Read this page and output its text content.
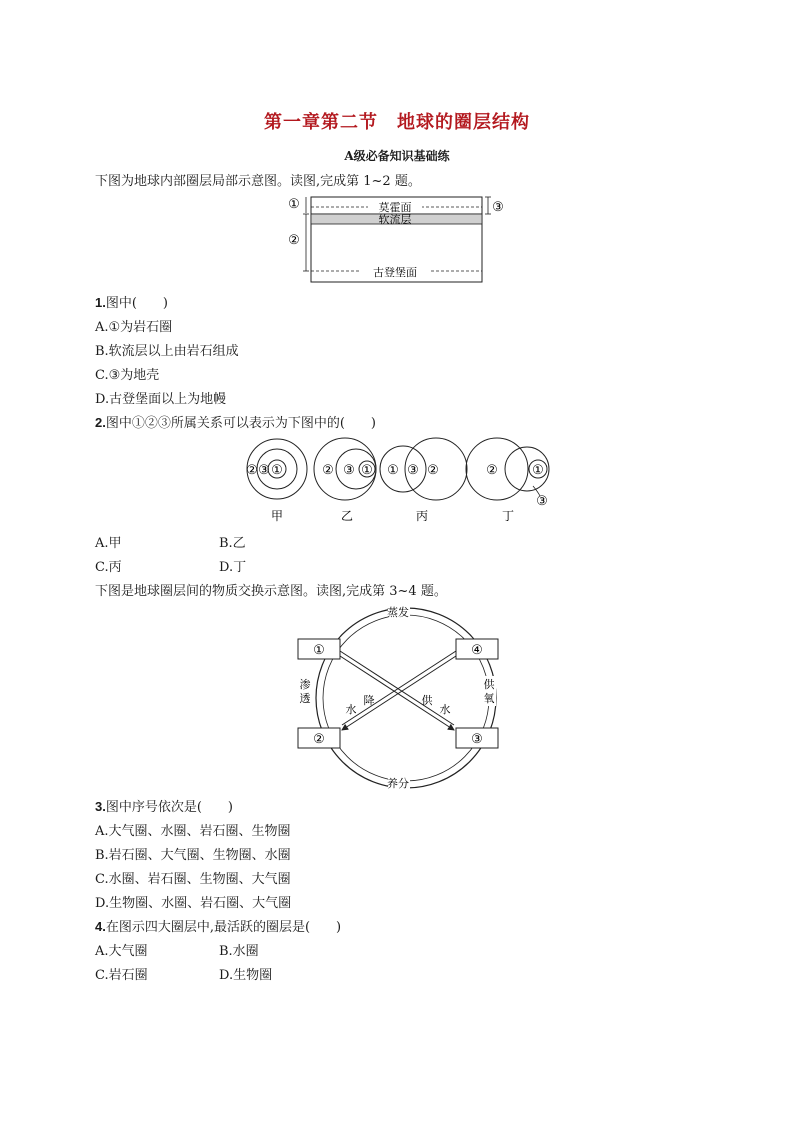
第一章第二节　地球的圈层结构
A级必备知识基础练
下图为地球内部圈层局部示意图。读图,完成第 1~2 题。
莫霍面
软流层
古登堡面
①
②
③
1.图中(　　)
A.①为岩石圈
B.软流层以上由岩石组成
C.③为地壳
D.古登堡面以上为地幔
2.图中①②③所属关系可以表示为下图中的(　　)
② ③ ①
甲
② ③ ①
乙
① ③ ②
丙
②	①
③
丁
A.甲	B.乙
C.丙	D.丁
下图是地球圈层间的物质交换示意图。读图,完成第 3~4 题。
①	④
②	③
蒸发
养分
渗
透
供
氧
水
降	供
水
3.图中序号依次是(　　)
A.大气圈、水圈、岩石圈、生物圈
B.岩石圈、大气圈、生物圈、水圈
C.水圈、岩石圈、生物圈、大气圈
D.生物圈、水圈、岩石圈、大气圈
4.在图示四大圈层中,最活跃的圈层是(　　)
A.大气圈	B.水圈
C.岩石圈	D.生物圈
